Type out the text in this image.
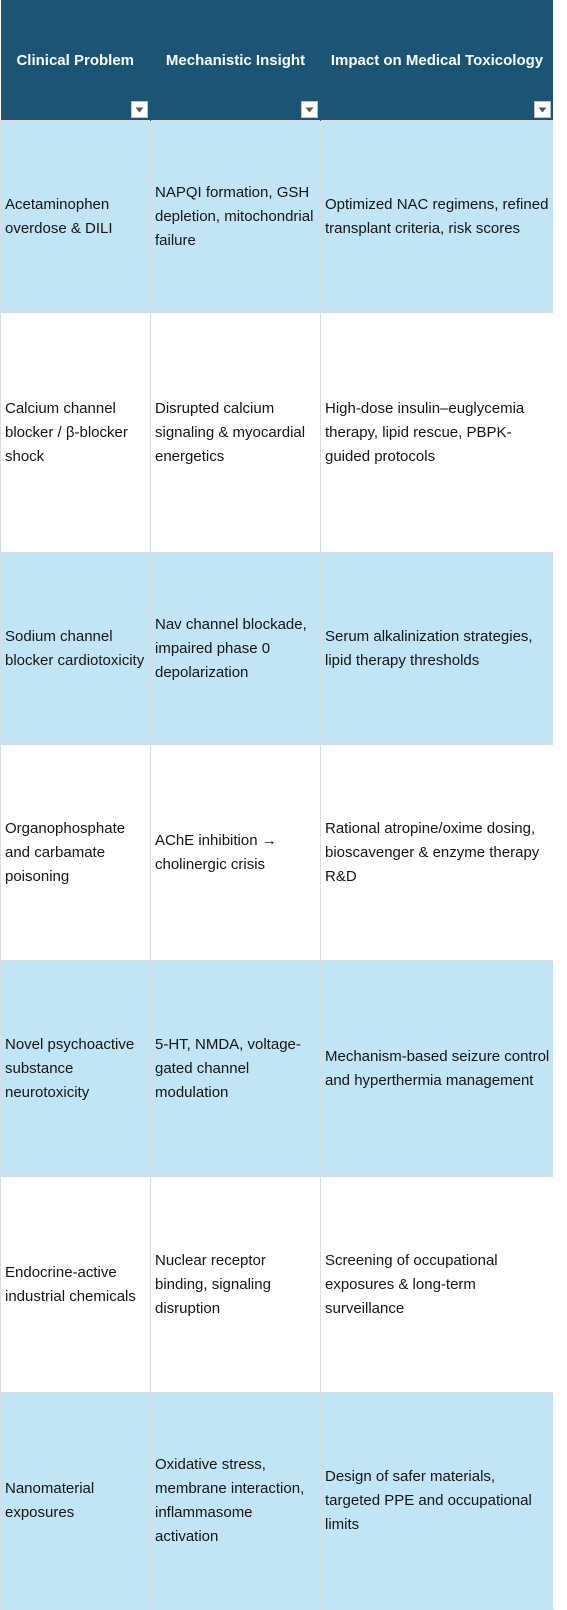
Clinical Problem	Mechanistic Insight	Impact on Medical Toxicology

Acetaminophen overdose & DILI	NAPQI formation, GSH depletion, mitochondrial failure	Optimized NAC regimens, refined transplant criteria, risk scores
Calcium channel blocker / β-blocker shock	Disrupted calcium signaling & myocardial energetics	High-dose insulin–euglycemia therapy, lipid rescue, PBPK-guided protocols
Sodium channel blocker cardiotoxicity	Nav channel blockade, impaired phase 0 depolarization	Serum alkalinization strategies, lipid therapy thresholds
Organophosphate and carbamate poisoning	AChE inhibition → cholinergic crisis	Rational atropine/oxime dosing, bioscavenger & enzyme therapy R&D
Novel psychoactive substance neurotoxicity	5-HT, NMDA, voltage-gated channel modulation	Mechanism-based seizure control and hyperthermia management
Endocrine-active industrial chemicals	Nuclear receptor binding, signaling disruption	Screening of occupational exposures & long-term surveillance
Nanomaterial exposures	Oxidative stress, membrane interaction, inflammasome activation	Design of safer materials, targeted PPE and occupational limits
